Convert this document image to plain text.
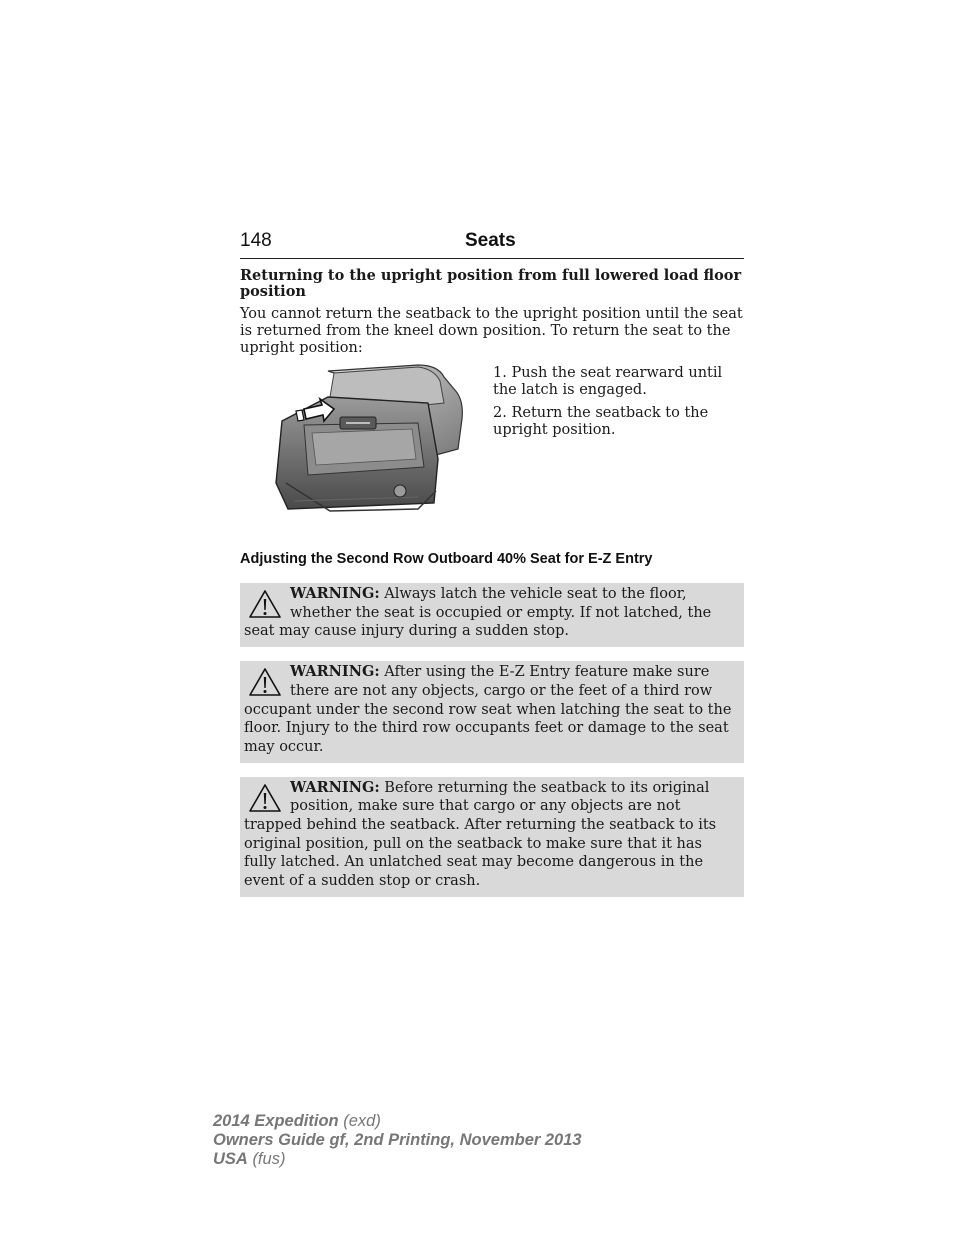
148	Seats

Returning to the upright position from full lowered load floor position

You cannot return the seatback to the upright position until the seat is returned from the kneel down position. To return the seat to the upright position:

1. Push the seat rearward until the latch is engaged.

2. Return the seatback to the upright position.

Adjusting the Second Row Outboard 40% Seat for E-Z Entry

WARNING: Always latch the vehicle seat to the floor, whether the seat is occupied or empty. If not latched, the seat may cause injury during a sudden stop.
WARNING: After using the E-Z Entry feature make sure there are not any objects, cargo or the feet of a third row occupant under the second row seat when latching the seat to the floor. Injury to the third row occupants feet or damage to the seat may occur.
WARNING: Before returning the seatback to its original position, make sure that cargo or any objects are not trapped behind the seatback. After returning the seatback to its original position, pull on the seatback to make sure that it has fully latched. An unlatched seat may become dangerous in the event of a sudden stop or crash.
2014 Expedition (exd)
Owners Guide gf, 2nd Printing, November 2013
USA (fus)
